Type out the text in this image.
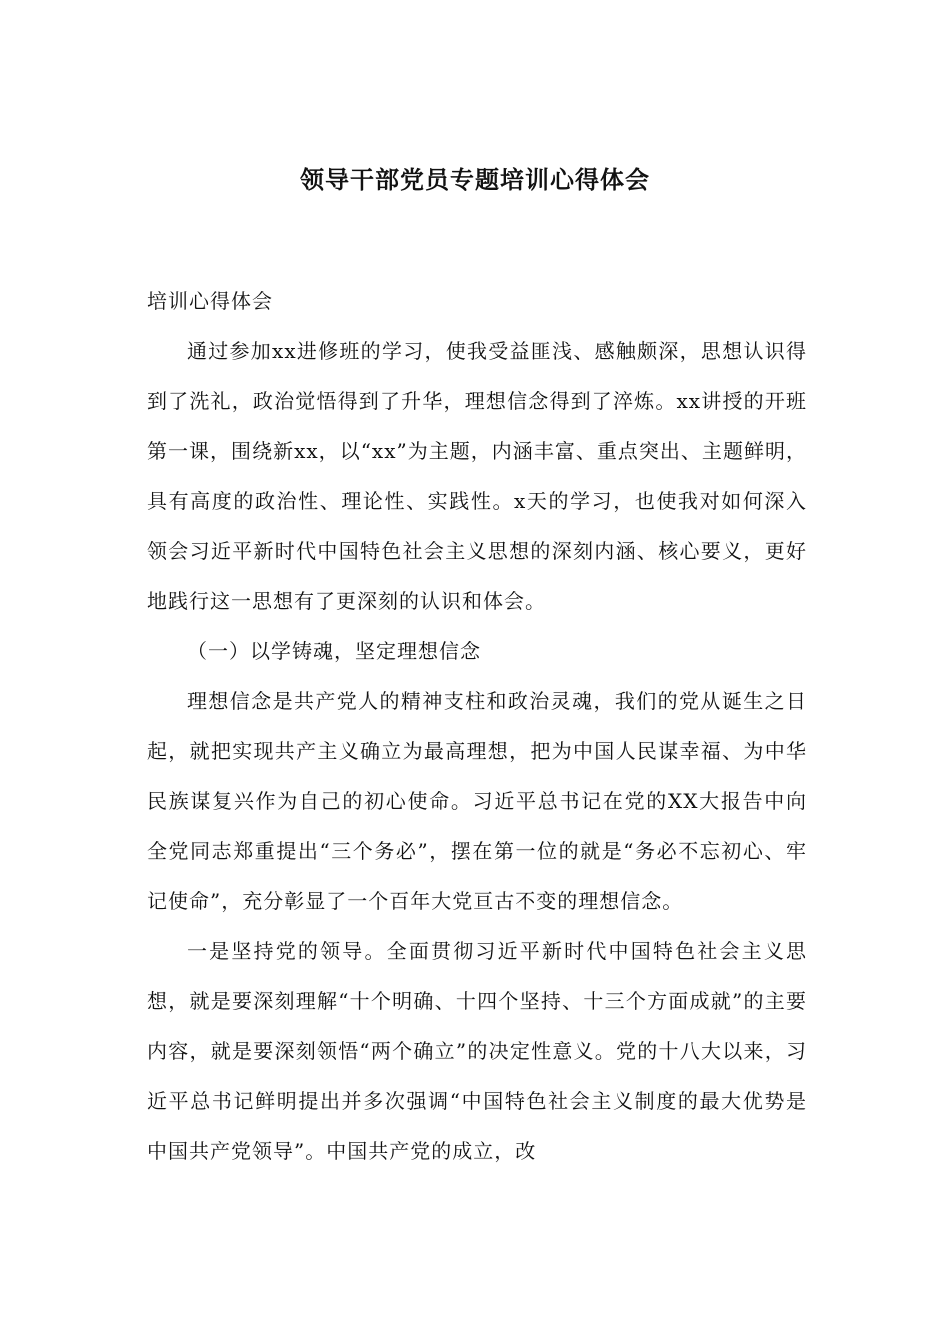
领导干部党员专题培训心得体会

培训心得体会

通过参加xx进修班的学习，使我受益匪浅、感触颇深，思想认识得到了洗礼，政治觉悟得到了升华，理想信念得到了淬炼。xx讲授的开班第一课，围绕新xx，以“xx”为主题，内涵丰富、重点突出、主题鲜明，具有高度的政治性、理论性、实践性。x天的学习，也使我对如何深入领会习近平新时代中国特色社会主义思想的深刻内涵、核心要义，更好地践行这一思想有了更深刻的认识和体会。

（一）以学铸魂，坚定理想信念

理想信念是共产党人的精神支柱和政治灵魂，我们的党从诞生之日起，就把实现共产主义确立为最高理想，把为中国人民谋幸福、为中华民族谋复兴作为自己的初心使命。习近平总书记在党的XX大报告中向全党同志郑重提出“三个务必”，摆在第一位的就是“务必不忘初心、牢记使命”，充分彰显了一个百年大党亘古不变的理想信念。

一是坚持党的领导。全面贯彻习近平新时代中国特色社会主义思想，就是要深刻理解“十个明确、十四个坚持、十三个方面成就”的主要内容，就是要深刻领悟“两个确立”的决定性意义。党的十八大以来，习近平总书记鲜明提出并多次强调“中国特色社会主义制度的最大优势是中国共产党领导”。中国共产党的成立，改
